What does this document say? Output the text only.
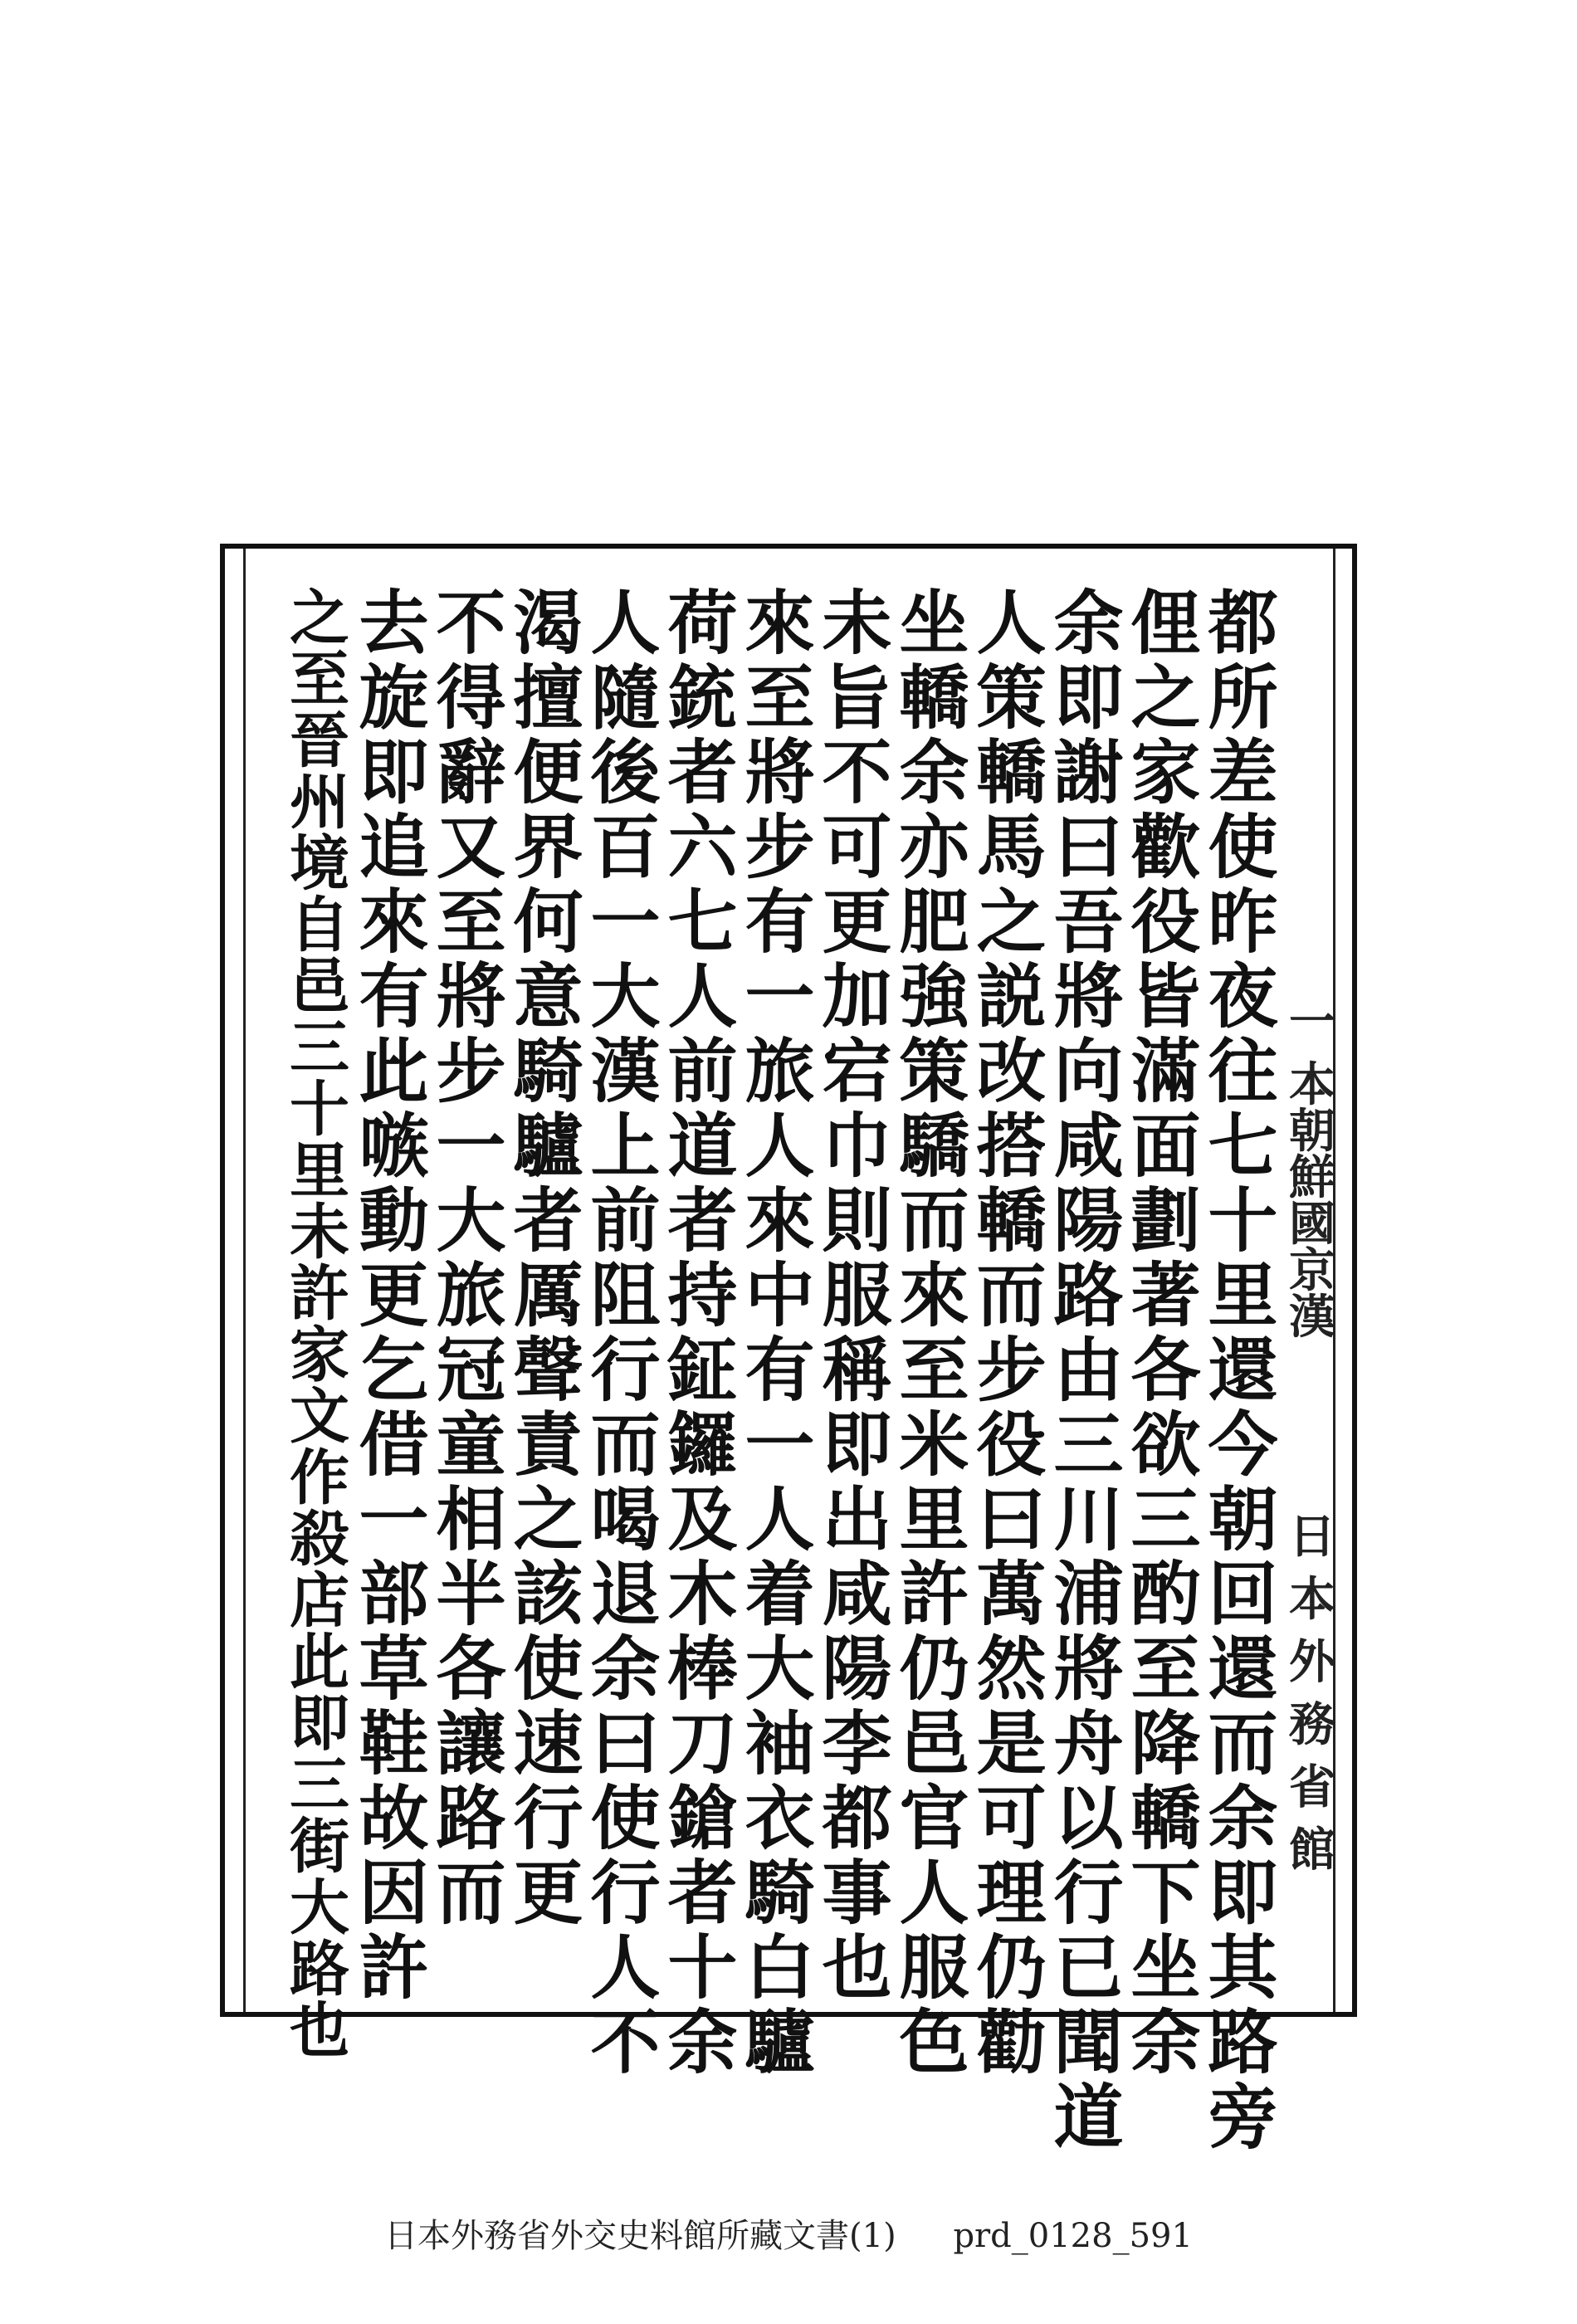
一 本朝鮮國京漢
日 本 外 務 省 館
都所差使昨夜往七十里還今朝回還而余即其路旁
俚之家歡役皆滿面劃著各欲三酌至降轎下坐余
余即謝曰吾將向咸陽路由三川浦將舟以行已聞道
人策轎馬之説改搭轎而步役曰萬然是可理仍勸
坐轎余亦肥強策驕而來至米里許仍邑官人服色
未旨不可更加宕巾則服稱即出咸陽李都事也
來至將步有一旅人來中有一人着大袖衣騎白驢
荷銃者六七人前道者持鉦鑼及木棒刀鎗者十余
人隨後百一大漢上前阻行而喝退余曰使行人不
渴擅便界何意騎驢者厲聲責之該使速行更
不得辭又至將步一大旅冠童相半各讓路而
去旋即追來有此嗾動更乞借一部草鞋故因許
之至晉州境自邑三十里未許家文作殺店此即三街大路也
日本外務省外交史料館所藏文書(1) prd_0128_591
